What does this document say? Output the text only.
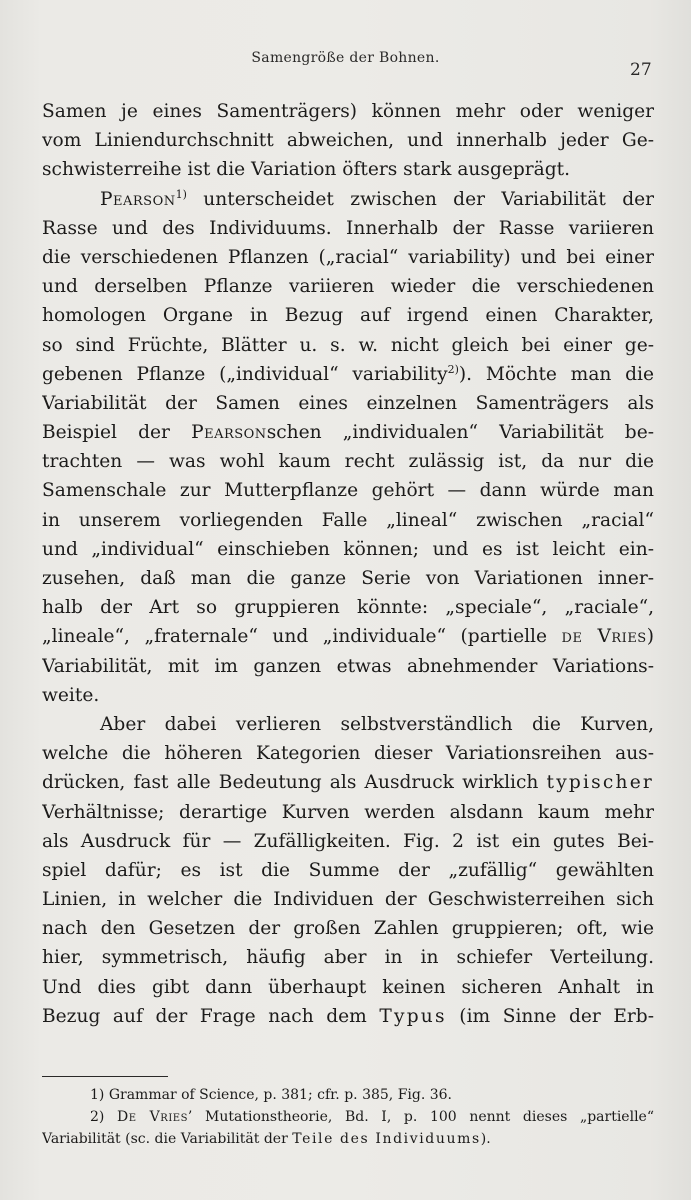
Samengröße der Bohnen.
27
Samen je eines Samenträgers) können mehr oder weniger
vom Liniendurchschnitt abweichen, und innerhalb jeder Ge-
schwisterreihe ist die Variation öfters stark ausgeprägt.
Pearson$^{1)}$ unterscheidet zwischen der Variabilität der
Rasse und des Individuums. Innerhalb der Rasse variieren
die verschiedenen Pflanzen („racial“ variability) und bei einer
und derselben Pflanze variieren wieder die verschiedenen
homologen Organe in Bezug auf irgend einen Charakter,
so sind Früchte, Blätter u. s. w. nicht gleich bei einer ge-
gebenen Pflanze („individual“ variability$^{2)}$). Möchte man die
Variabilität der Samen eines einzelnen Samenträgers als
Beispiel der Pearsonschen „individualen“ Variabilität be-
trachten — was wohl kaum recht zulässig ist, da nur die
Samenschale zur Mutterpflanze gehört — dann würde man
in unserem vorliegenden Falle „lineal“ zwischen „racial“
und „individual“ einschieben können; und es ist leicht ein-
zusehen, daß man die ganze Serie von Variationen inner-
halb der Art so gruppieren könnte: „speciale“, „raciale“,
„lineale“, „fraternale“ und „individuale“ (partielle de Vries)
Variabilität, mit im ganzen etwas abnehmender Variations-
weite.
Aber dabei verlieren selbstverständlich die Kurven,
welche die höheren Kategorien dieser Variationsreihen aus-
drücken, fast alle Bedeutung als Ausdruck wirklich typischer
Verhältnisse; derartige Kurven werden alsdann kaum mehr
als Ausdruck für — Zufälligkeiten. Fig. 2 ist ein gutes Bei-
spiel dafür; es ist die Summe der „zufällig“ gewählten
Linien, in welcher die Individuen der Geschwisterreihen sich
nach den Gesetzen der großen Zahlen gruppieren; oft, wie
hier, symmetrisch, häufig aber in in schiefer Verteilung.
Und dies gibt dann überhaupt keinen sicheren Anhalt in
Bezug auf der Frage nach dem Typus (im Sinne der Erb-
1) Grammar of Science, p. 381; cfr. p. 385, Fig. 36.
2) De Vries’ Mutationstheorie, Bd. I, p. 100 nennt dieses „partielle“
Variabilität (sc. die Variabilität der Teile des Individuums).
